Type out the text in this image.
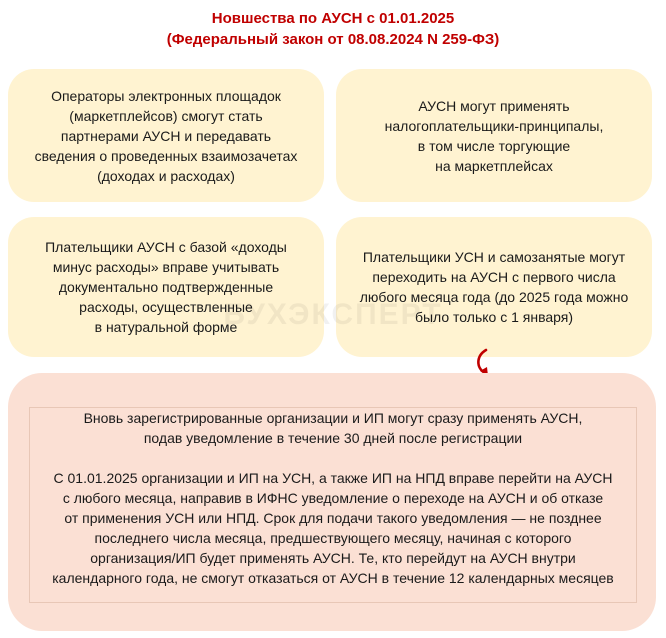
Новшества по АУСН с 01.01.2025
(Федеральный закон от 08.08.2024 N 259-ФЗ)
Операторы электронных площадок
(маркетплейсов) смогут стать
партнерами АУСН и передавать
сведения о проведенных взаимозачетах
(доходах и расходах)
АУСН могут применять
налогоплательщики-принципалы,
в том числе торгующие
на маркетплейсах
Плательщики АУСН с базой «доходы
минус расходы» вправе учитывать
документально подтвержденные
расходы, осуществленные
в натуральной форме
Плательщики УСН и самозанятые могут
переходить на АУСН с первого числа
любого месяца года (до 2025 года можно
было только с 1 января)
БУХЭКСПЕРТ
Вновь зарегистрированные организации и ИП могут сразу применять АУСН,
подав уведомление в течение 30 дней после регистрации
С 01.01.2025 организации и ИП на УСН, а также ИП на НПД вправе перейти на АУСН
с любого месяца, направив в ИФНС уведомление о переходе на АУСН и об отказе
от применения УСН или НПД. Срок для подачи такого уведомления — не позднее
последнего числа месяца, предшествующего месяцу, начиная с которого
организация/ИП будет применять АУСН. Те, кто перейдут на АУСН внутри
календарного года, не смогут отказаться от АУСН в течение 12 календарных месяцев
